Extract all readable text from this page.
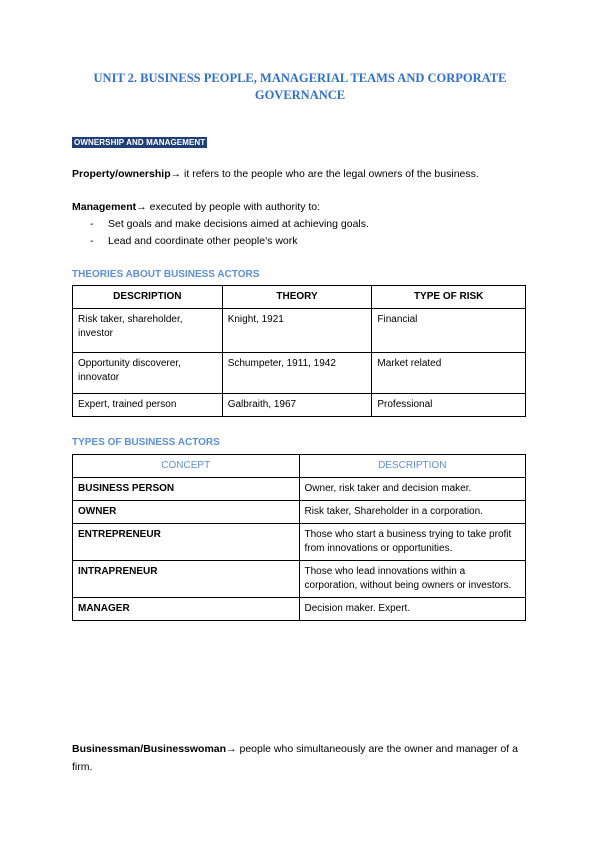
UNIT 2. BUSINESS PEOPLE, MANAGERIAL TEAMS AND CORPORATE GOVERNANCE
OWNERSHIP AND MANAGEMENT
Property/ownership→ it refers to the people who are the legal owners of the business.
Management→ executed by people with authority to:
- Set goals and make decisions aimed at achieving goals.
- Lead and coordinate other people’s work
THEORIES ABOUT BUSINESS ACTORS
DESCRIPTION	THEORY	TYPE OF RISK
Risk taker, shareholder, investor	Knight, 1921	Financial
Opportunity discoverer, innovator	Schumpeter, 1911, 1942	Market related
Expert, trained person	Galbraith, 1967	Professional
TYPES OF BUSINESS ACTORS
CONCEPT	DESCRIPTION
BUSINESS PERSON	Owner, risk taker and decision maker.
OWNER	Risk taker, Shareholder in a corporation.
ENTREPRENEUR	Those who start a business trying to take profit from innovations or opportunities.
INTRAPRENEUR	Those who lead innovations within a corporation, without being owners or investors.
MANAGER	Decision maker. Expert.
Businessman/Businesswoman→ people who simultaneously are the owner and manager of a firm.
